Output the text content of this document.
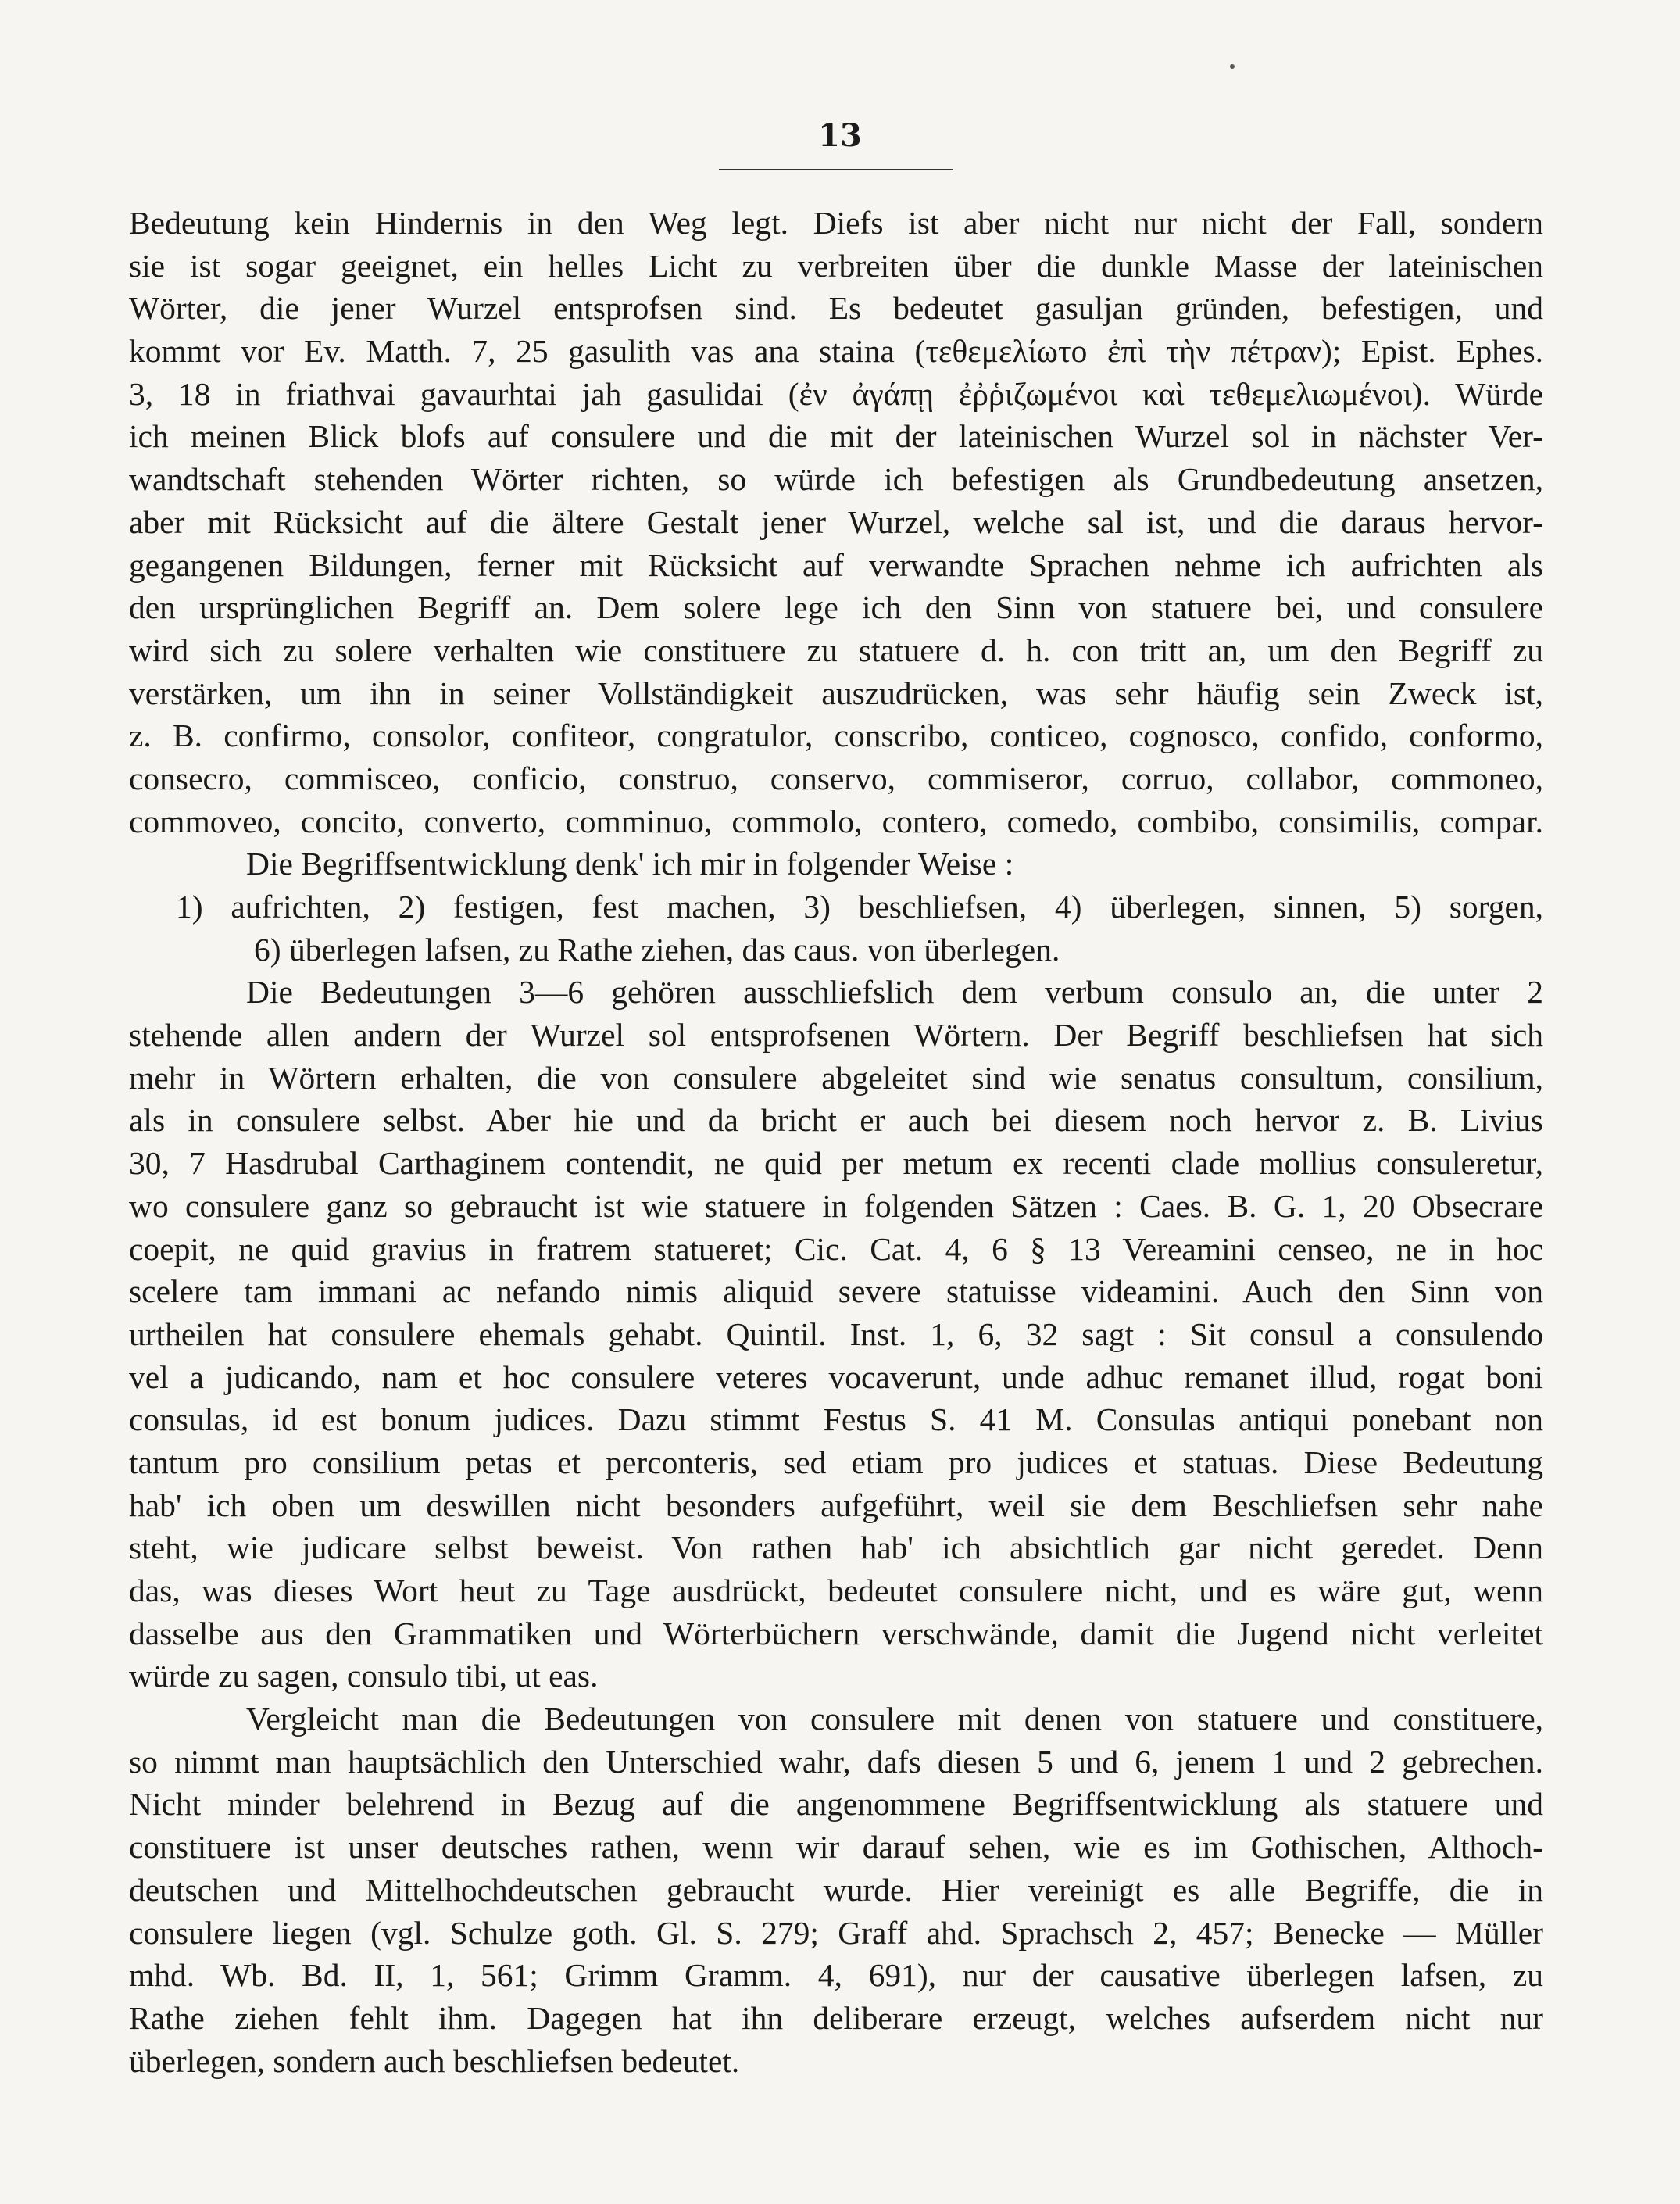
13
Bedeutung kein Hindernis in den Weg legt. Diefs ist aber nicht nur nicht der Fall, sondern
sie ist sogar geeignet, ein helles Licht zu verbreiten über die dunkle Masse der lateinischen
Wörter, die jener Wurzel entsprofsen sind. Es bedeutet gasuljan gründen, befestigen, und
kommt vor Ev. Matth. 7, 25 gasulith vas ana staina (τεθεμελίωτο ἐπὶ τὴν πέτραν); Epist. Ephes.
3, 18 in friathvai gavaurhtai jah gasulidai (ἐν ἀγάπῃ ἐῤῥιζωμένοι καὶ τεθεμελιωμένοι). Würde
ich meinen Blick blofs auf consulere und die mit der lateinischen Wurzel sol in nächster Ver-
wandtschaft stehenden Wörter richten, so würde ich befestigen als Grundbedeutung ansetzen,
aber mit Rücksicht auf die ältere Gestalt jener Wurzel, welche sal ist, und die daraus hervor-
gegangenen Bildungen, ferner mit Rücksicht auf verwandte Sprachen nehme ich aufrichten als
den ursprünglichen Begriff an. Dem solere lege ich den Sinn von statuere bei, und consulere
wird sich zu solere verhalten wie constituere zu statuere d. h. con tritt an, um den Begriff zu
verstärken, um ihn in seiner Vollständigkeit auszudrücken, was sehr häufig sein Zweck ist,
z. B. confirmo, consolor, confiteor, congratulor, conscribo, conticeo, cognosco, confido, conformo,
consecro, commisceo, conficio, construo, conservo, commiseror, corruo, collabor, commoneo,
commoveo, concito, converto, comminuo, commolo, contero, comedo, combibo, consimilis, compar.
Die Begriffsentwicklung denk' ich mir in folgender Weise :
1) aufrichten, 2) festigen, fest machen, 3) beschliefsen, 4) überlegen, sinnen, 5) sorgen,
6) überlegen lafsen, zu Rathe ziehen, das caus. von überlegen.
Die Bedeutungen 3—6 gehören ausschliefslich dem verbum consulo an, die unter 2
stehende allen andern der Wurzel sol entsprofsenen Wörtern. Der Begriff beschliefsen hat sich
mehr in Wörtern erhalten, die von consulere abgeleitet sind wie senatus consultum, consilium,
als in consulere selbst. Aber hie und da bricht er auch bei diesem noch hervor z. B. Livius
30, 7 Hasdrubal Carthaginem contendit, ne quid per metum ex recenti clade mollius consuleretur,
wo consulere ganz so gebraucht ist wie statuere in folgenden Sätzen : Caes. B. G. 1, 20 Obsecrare
coepit, ne quid gravius in fratrem statueret; Cic. Cat. 4, 6 § 13 Vereamini censeo, ne in hoc
scelere tam immani ac nefando nimis aliquid severe statuisse videamini. Auch den Sinn von
urtheilen hat consulere ehemals gehabt. Quintil. Inst. 1, 6, 32 sagt : Sit consul a consulendo
vel a judicando, nam et hoc consulere veteres vocaverunt, unde adhuc remanet illud, rogat boni
consulas, id est bonum judices. Dazu stimmt Festus S. 41 M. Consulas antiqui ponebant non
tantum pro consilium petas et perconteris, sed etiam pro judices et statuas. Diese Bedeutung
hab' ich oben um deswillen nicht besonders aufgeführt, weil sie dem Beschliefsen sehr nahe
steht, wie judicare selbst beweist. Von rathen hab' ich absichtlich gar nicht geredet. Denn
das, was dieses Wort heut zu Tage ausdrückt, bedeutet consulere nicht, und es wäre gut, wenn
dasselbe aus den Grammatiken und Wörterbüchern verschwände, damit die Jugend nicht verleitet
würde zu sagen, consulo tibi, ut eas.
Vergleicht man die Bedeutungen von consulere mit denen von statuere und constituere,
so nimmt man hauptsächlich den Unterschied wahr, dafs diesen 5 und 6, jenem 1 und 2 gebrechen.
Nicht minder belehrend in Bezug auf die angenommene Begriffsentwicklung als statuere und
constituere ist unser deutsches rathen, wenn wir darauf sehen, wie es im Gothischen, Althoch-
deutschen und Mittelhochdeutschen gebraucht wurde. Hier vereinigt es alle Begriffe, die in
consulere liegen (vgl. Schulze goth. Gl. S. 279; Graff ahd. Sprachsch 2, 457; Benecke — Müller
mhd. Wb. Bd. II, 1, 561; Grimm Gramm. 4, 691), nur der causative überlegen lafsen, zu
Rathe ziehen fehlt ihm. Dagegen hat ihn deliberare erzeugt, welches aufserdem nicht nur
überlegen, sondern auch beschliefsen bedeutet.
